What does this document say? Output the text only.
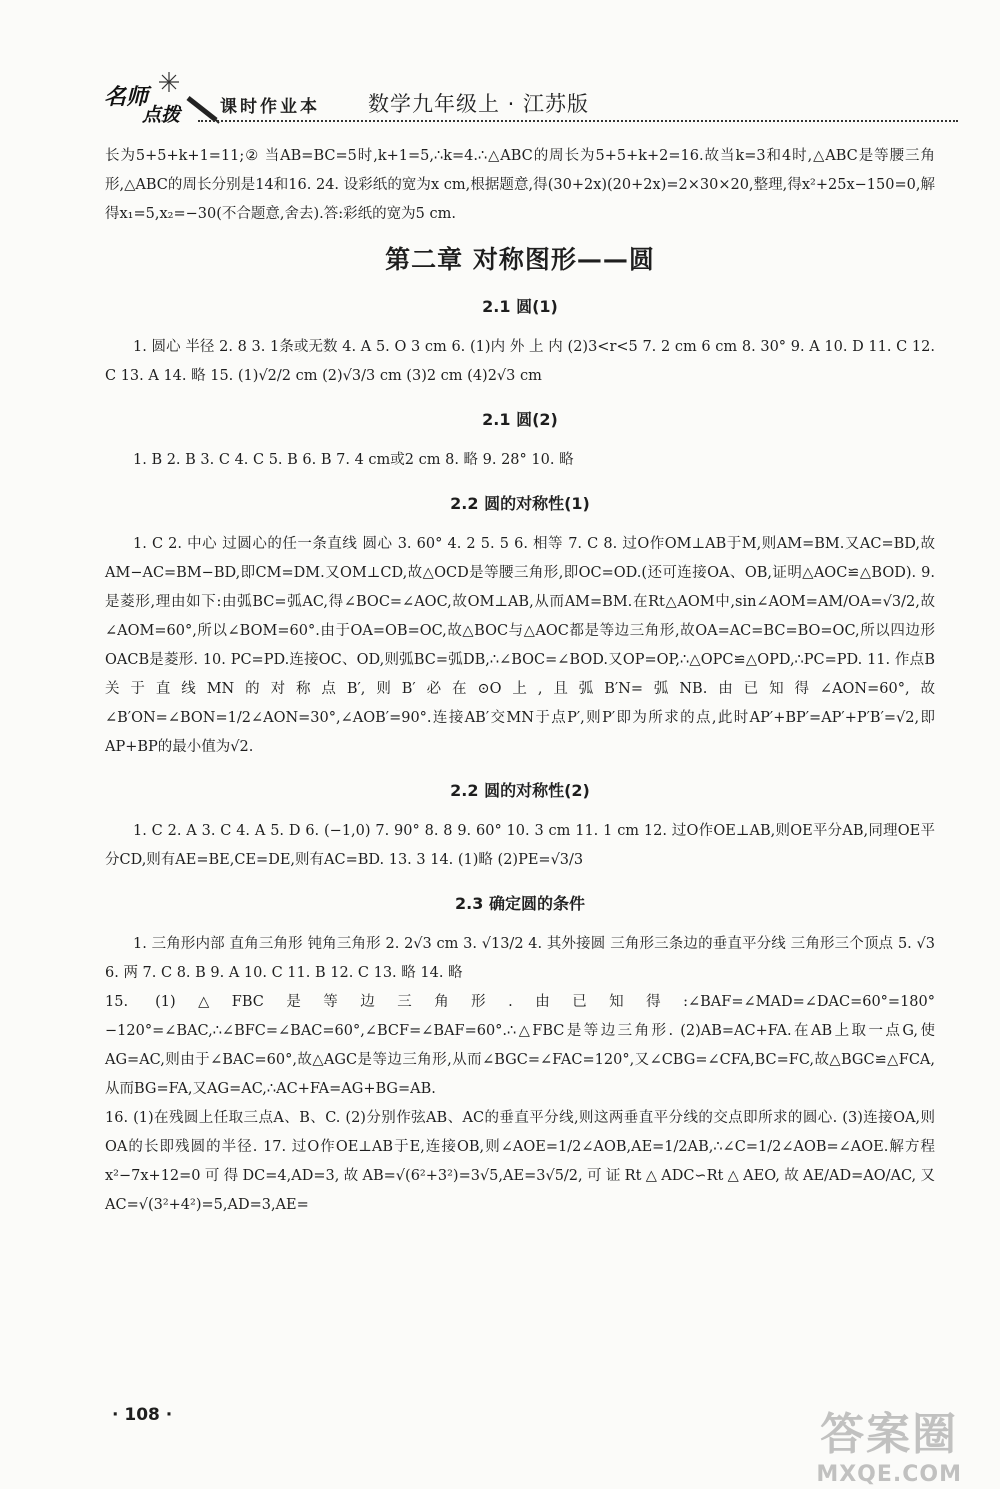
名师
点拨 课时作业本 数学九年级上 · 江苏版

长为5+5+k+1=11;② 当AB=BC=5时,k+1=5,∴k=4.∴△ABC的周长为5+5+k+2=16.故当k=3和4时,△ABC是等腰三角形,△ABC的周长分别是14和16. 24. 设彩纸的宽为x cm,根据题意,得(30+2x)(20+2x)=2×30×20,整理,得x²+25x−150=0,解得x₁=5,x₂=−30(不合题意,舍去).答:彩纸的宽为5 cm.

第二章 对称图形——圆
2.1 圆(1)

1. 圆心 半径 2. 8 3. 1条或无数 4. A 5. O 3 cm 6. (1)内 外 上 内 (2)3<r<5 7. 2 cm 6 cm 8. 30° 9. A 10. D 11. C 12. C 13. A 14. 略 15. (1)√2/2 cm (2)√3/3 cm (3)2 cm (4)2√3 cm

2.1 圆(2)

1. B 2. B 3. C 4. C 5. B 6. B 7. 4 cm或2 cm 8. 略 9. 28° 10. 略

2.2 圆的对称性(1)

1. C 2. 中心 过圆心的任一条直线 圆心 3. 60° 4. 2 5. 5 6. 相等 7. C 8. 过O作OM⊥AB于M,则AM=BM.又AC=BD,故AM−AC=BM−BD,即CM=DM.又OM⊥CD,故△OCD是等腰三角形,即OC=OD.(还可连接OA、OB,证明△AOC≌△BOD). 9. 是菱形,理由如下:由弧BC=弧AC,得∠BOC=∠AOC,故OM⊥AB,从而AM=BM.在Rt△AOM中,sin∠AOM=AM/OA=√3/2,故∠AOM=60°,所以∠BOM=60°.由于OA=OB=OC,故△BOC与△AOC都是等边三角形,故OA=AC=BC=BO=OC,所以四边形OACB是菱形. 10. PC=PD.连接OC、OD,则弧BC=弧DB,∴∠BOC=∠BOD.又OP=OP,∴△OPC≌△OPD,∴PC=PD. 11. 作点B关于直线MN的对称点B′,则B′必在⊙O上,且弧B′N=弧NB.由已知得∠AON=60°,故∠B′ON=∠BON=1/2∠AON=30°,∠AOB′=90°.连接AB′交MN于点P′,则P′即为所求的点,此时AP′+BP′=AP′+P′B′=√2,即AP+BP的最小值为√2.

2.2 圆的对称性(2)

1. C 2. A 3. C 4. A 5. D 6. (−1,0) 7. 90° 8. 8 9. 60° 10. 3 cm 11. 1 cm 12. 过O作OE⊥AB,则OE平分AB,同理OE平分CD,则有AE=BE,CE=DE,则有AC=BD. 13. 3 14. (1)略 (2)PE=√3/3

2.3 确定圆的条件

1. 三角形内部 直角三角形 钝角三角形 2. 2√3 cm 3. √13/2 4. 其外接圆 三角形三条边的垂直平分线 三角形三个顶点 5. √3 6. 两 7. C 8. B 9. A 10. C 11. B 12. C 13. 略 14. 略

15. (1)△FBC是等边三角形.由已知得:∠BAF=∠MAD=∠DAC=60°=180°−120°=∠BAC,∴∠BFC=∠BAC=60°,∠BCF=∠BAF=60°.∴△FBC是等边三角形. (2)AB=AC+FA.在AB上取一点G,使AG=AC,则由于∠BAC=60°,故△AGC是等边三角形,从而∠BGC=∠FAC=120°,又∠CBG=∠CFA,BC=FC,故△BGC≌△FCA,从而BG=FA,又AG=AC,∴AC+FA=AG+BG=AB.

16. (1)在残圆上任取三点A、B、C. (2)分别作弦AB、AC的垂直平分线,则这两垂直平分线的交点即所求的圆心. (3)连接OA,则OA的长即残圆的半径. 17. 过O作OE⊥AB于E,连接OB,则∠AOE=1/2∠AOB,AE=1/2AB,∴∠C=1/2∠AOB=∠AOE.解方程x²−7x+12=0可得DC=4,AD=3,故AB=√(6²+3²)=3√5,AE=3√5/2,可证Rt△ADC∽Rt△AEO,故AE/AD=AO/AC,又AC=√(3²+4²)=5,AD=3,AE=

· 108 ·	答案圈
MXQE.COM
